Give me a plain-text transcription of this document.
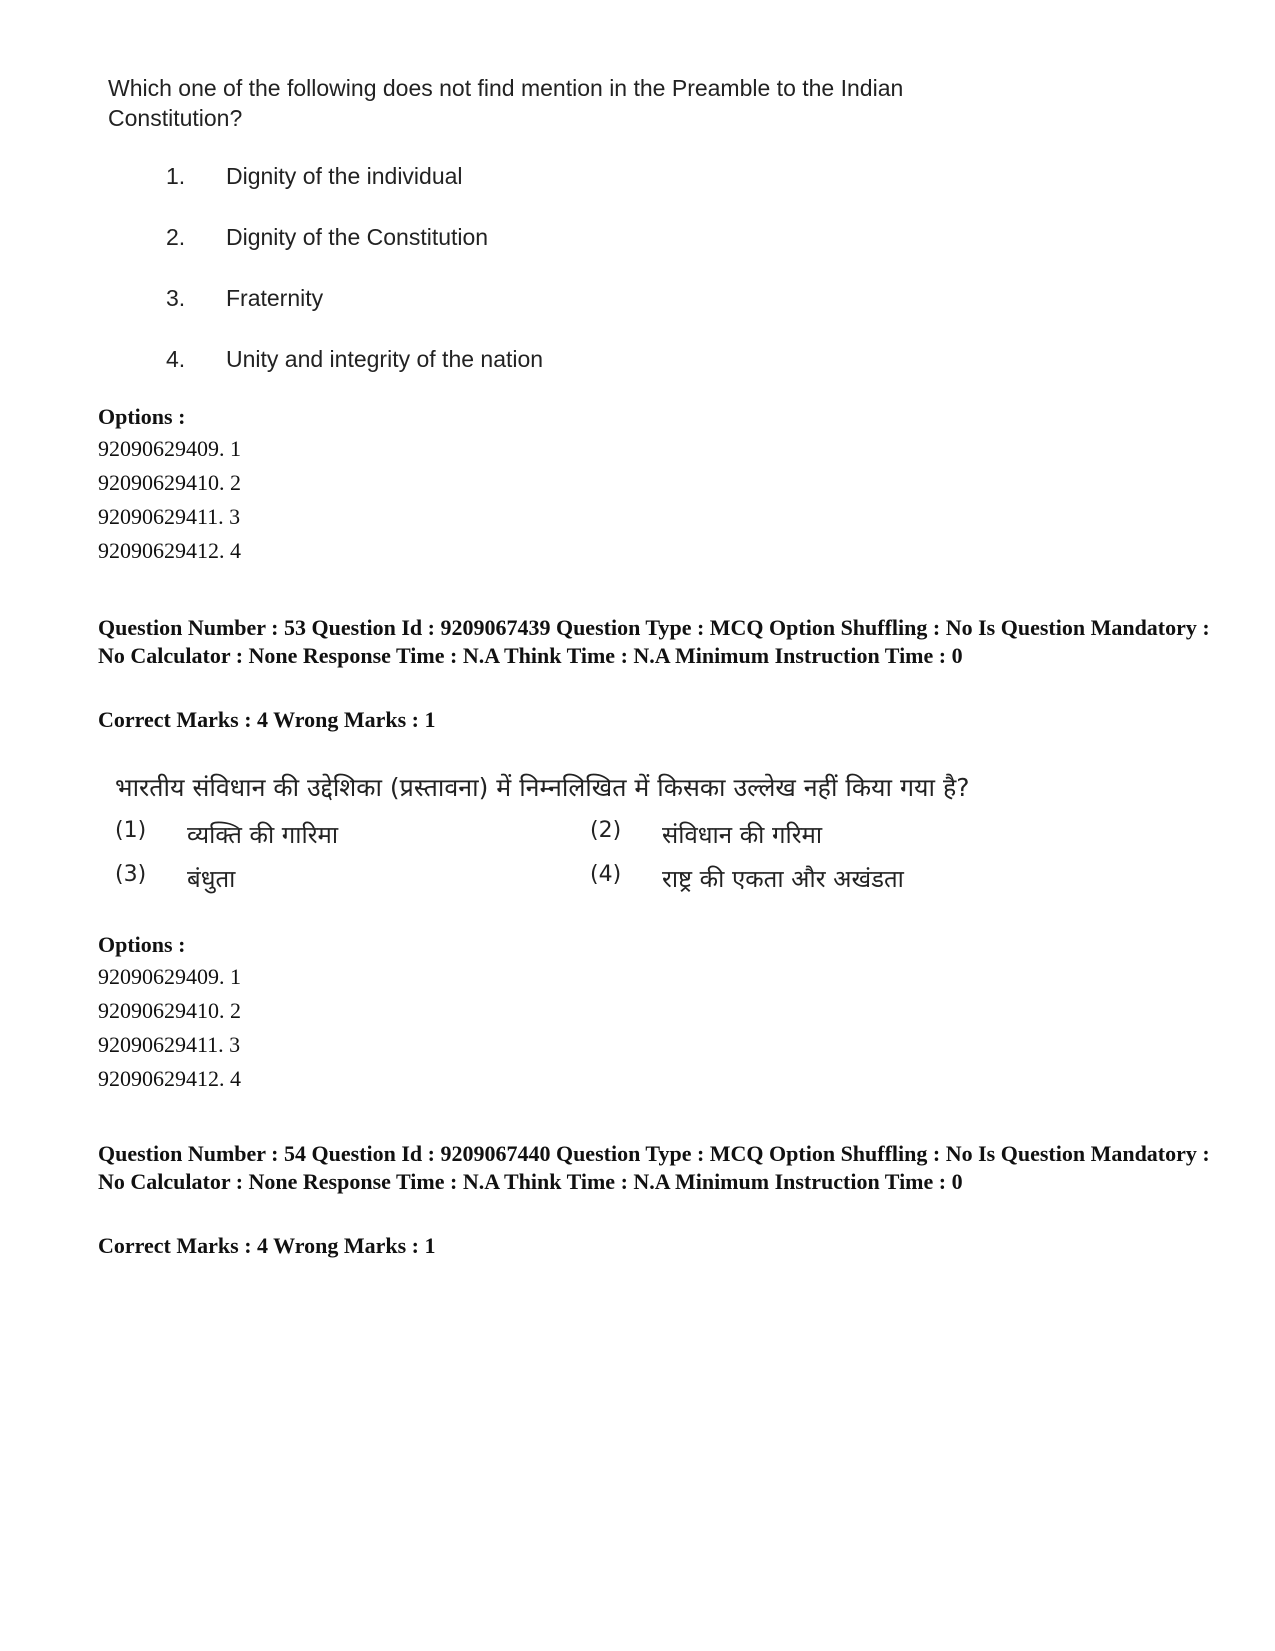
Which one of the following does not find mention in the Preamble to the Indian Constitution?
1.	Dignity of the individual
2.	Dignity of the Constitution
3.	Fraternity
4.	Unity and integrity of the nation
Options :
92090629409. 1
92090629410. 2
92090629411. 3
92090629412. 4
Question Number : 53 Question Id : 9209067439 Question Type : MCQ Option Shuffling : No Is Question Mandatory : No Calculator : None Response Time : N.A Think Time : N.A Minimum Instruction Time : 0
Correct Marks : 4 Wrong Marks : 1
भारतीय संविधान की उद्देशिका (प्रस्तावना) में निम्नलिखित में किसका उल्लेख नहीं किया गया है?
(1)	व्यक्ति की गारिमा	(2)	संविधान की गरिमा
(3)	बंधुता	(4)	राष्ट्र की एकता और अखंडता
Options :
92090629409. 1
92090629410. 2
92090629411. 3
92090629412. 4
Question Number : 54 Question Id : 9209067440 Question Type : MCQ Option Shuffling : No Is Question Mandatory : No Calculator : None Response Time : N.A Think Time : N.A Minimum Instruction Time : 0
Correct Marks : 4 Wrong Marks : 1
